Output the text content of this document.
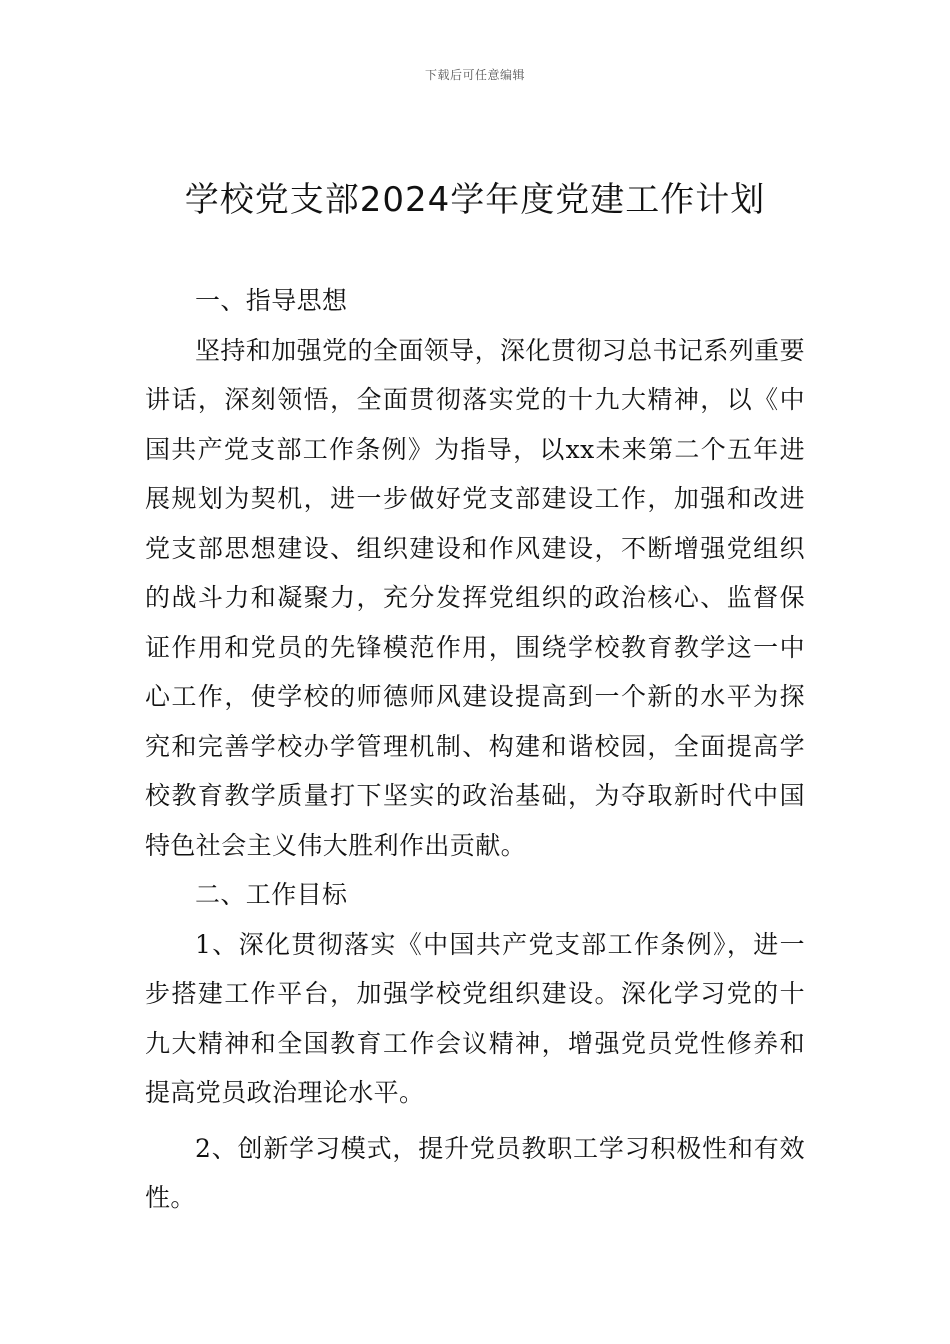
下载后可任意编辑
学校党支部2024学年度党建工作计划

一、指导思想

坚持和加强党的全面领导，深化贯彻习总书记系列重要讲话，深刻领悟，全面贯彻落实党的十九大精神，以《中国共产党支部工作条例》为指导，以xx未来第二个五年进展规划为契机，进一步做好党支部建设工作，加强和改进党支部思想建设、组织建设和作风建设，不断增强党组织的战斗力和凝聚力，充分发挥党组织的政治核心、监督保证作用和党员的先锋模范作用，围绕学校教育教学这一中心工作，使学校的师德师风建设提高到一个新的水平为探究和完善学校办学管理机制、构建和谐校园，全面提高学校教育教学质量打下坚实的政治基础，为夺取新时代中国特色社会主义伟大胜利作出贡献。

二、工作目标

1、深化贯彻落实《中国共产党支部工作条例》，进一步搭建工作平台，加强学校党组织建设。深化学习党的十九大精神和全国教育工作会议精神，增强党员党性修养和提高党员政治理论水平。

2、创新学习模式，提升党员教职工学习积极性和有效性。
